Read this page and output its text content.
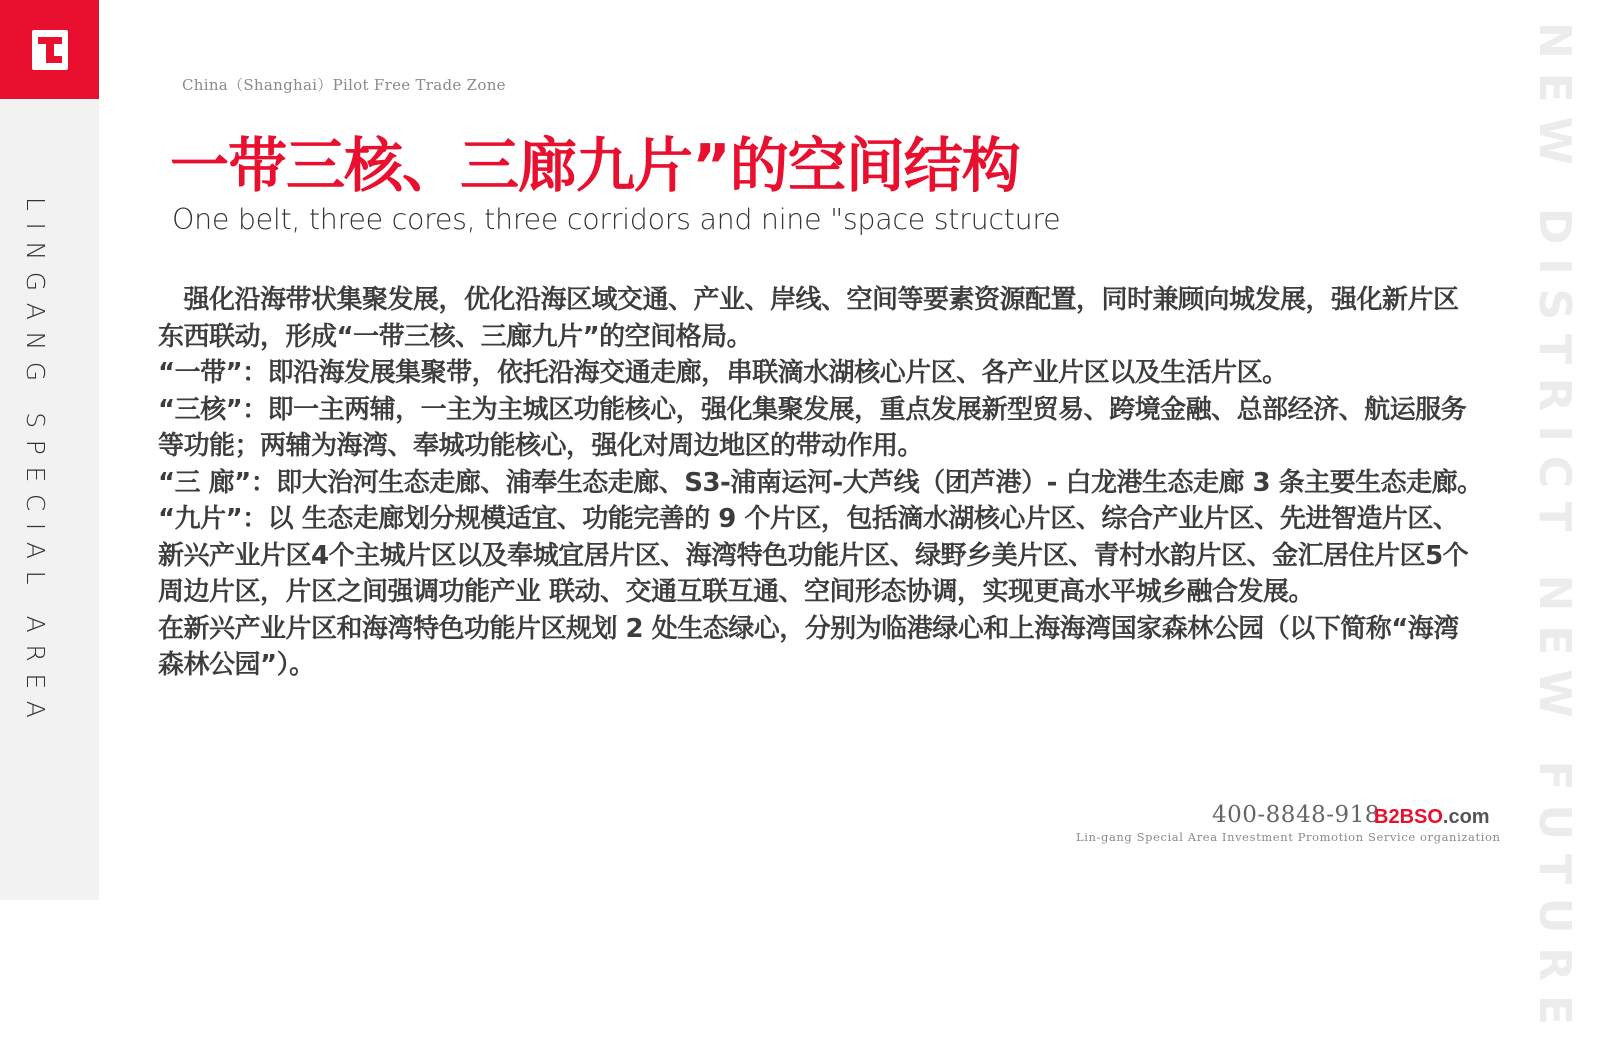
LINGANG SPECIAL AREA	NEW DISTRICT NEW FUTURE
China（Shanghai）Pilot Free Trade Zone
一带三核、三廊九片”的空间结构
One belt, three cores, three corridors and nine "space structure

　强化沿海带状集聚发展，优化沿海区域交通、产业、岸线、空间等要素资源配置，同时兼顾向城发展，强化新片区东西联动，形成“一带三核、三廊九片”的空间格局。

“一带”：即沿海发展集聚带，依托沿海交通走廊，串联滴水湖核心片区、各产业片区以及生活片区。

“三核”：即一主两辅，一主为主城区功能核心，强化集聚发展，重点发展新型贸易、跨境金融、总部经济、航运服务等功能；两辅为海湾、奉城功能核心，强化对周边地区的带动作用。

“三 廊”：即大治河生态走廊、浦奉生态走廊、S3-浦南运河-大芦线（团芦港）- 白龙港生态走廊 3 条主要生态走廊。

“九片”：以 生态走廊划分规模适宜、功能完善的 9 个片区，包括滴水湖核心片区、综合产业片区、先进智造片区、新兴产业片区4个主城片区以及奉城宜居片区、海湾特色功能片区、绿野乡美片区、青村水韵片区、金汇居住片区5个周边片区，片区之间强调功能产业 联动、交通互联互通、空间形态协调，实现更高水平城乡融合发展。

在新兴产业片区和海湾特色功能片区规划 2 处生态绿心，分别为临港绿心和上海海湾国家森林公园（以下简称“海湾森林公园”）。

400-8848-918
B2BSO.com
Lin-gang Special Area Investment Promotion Service organization
